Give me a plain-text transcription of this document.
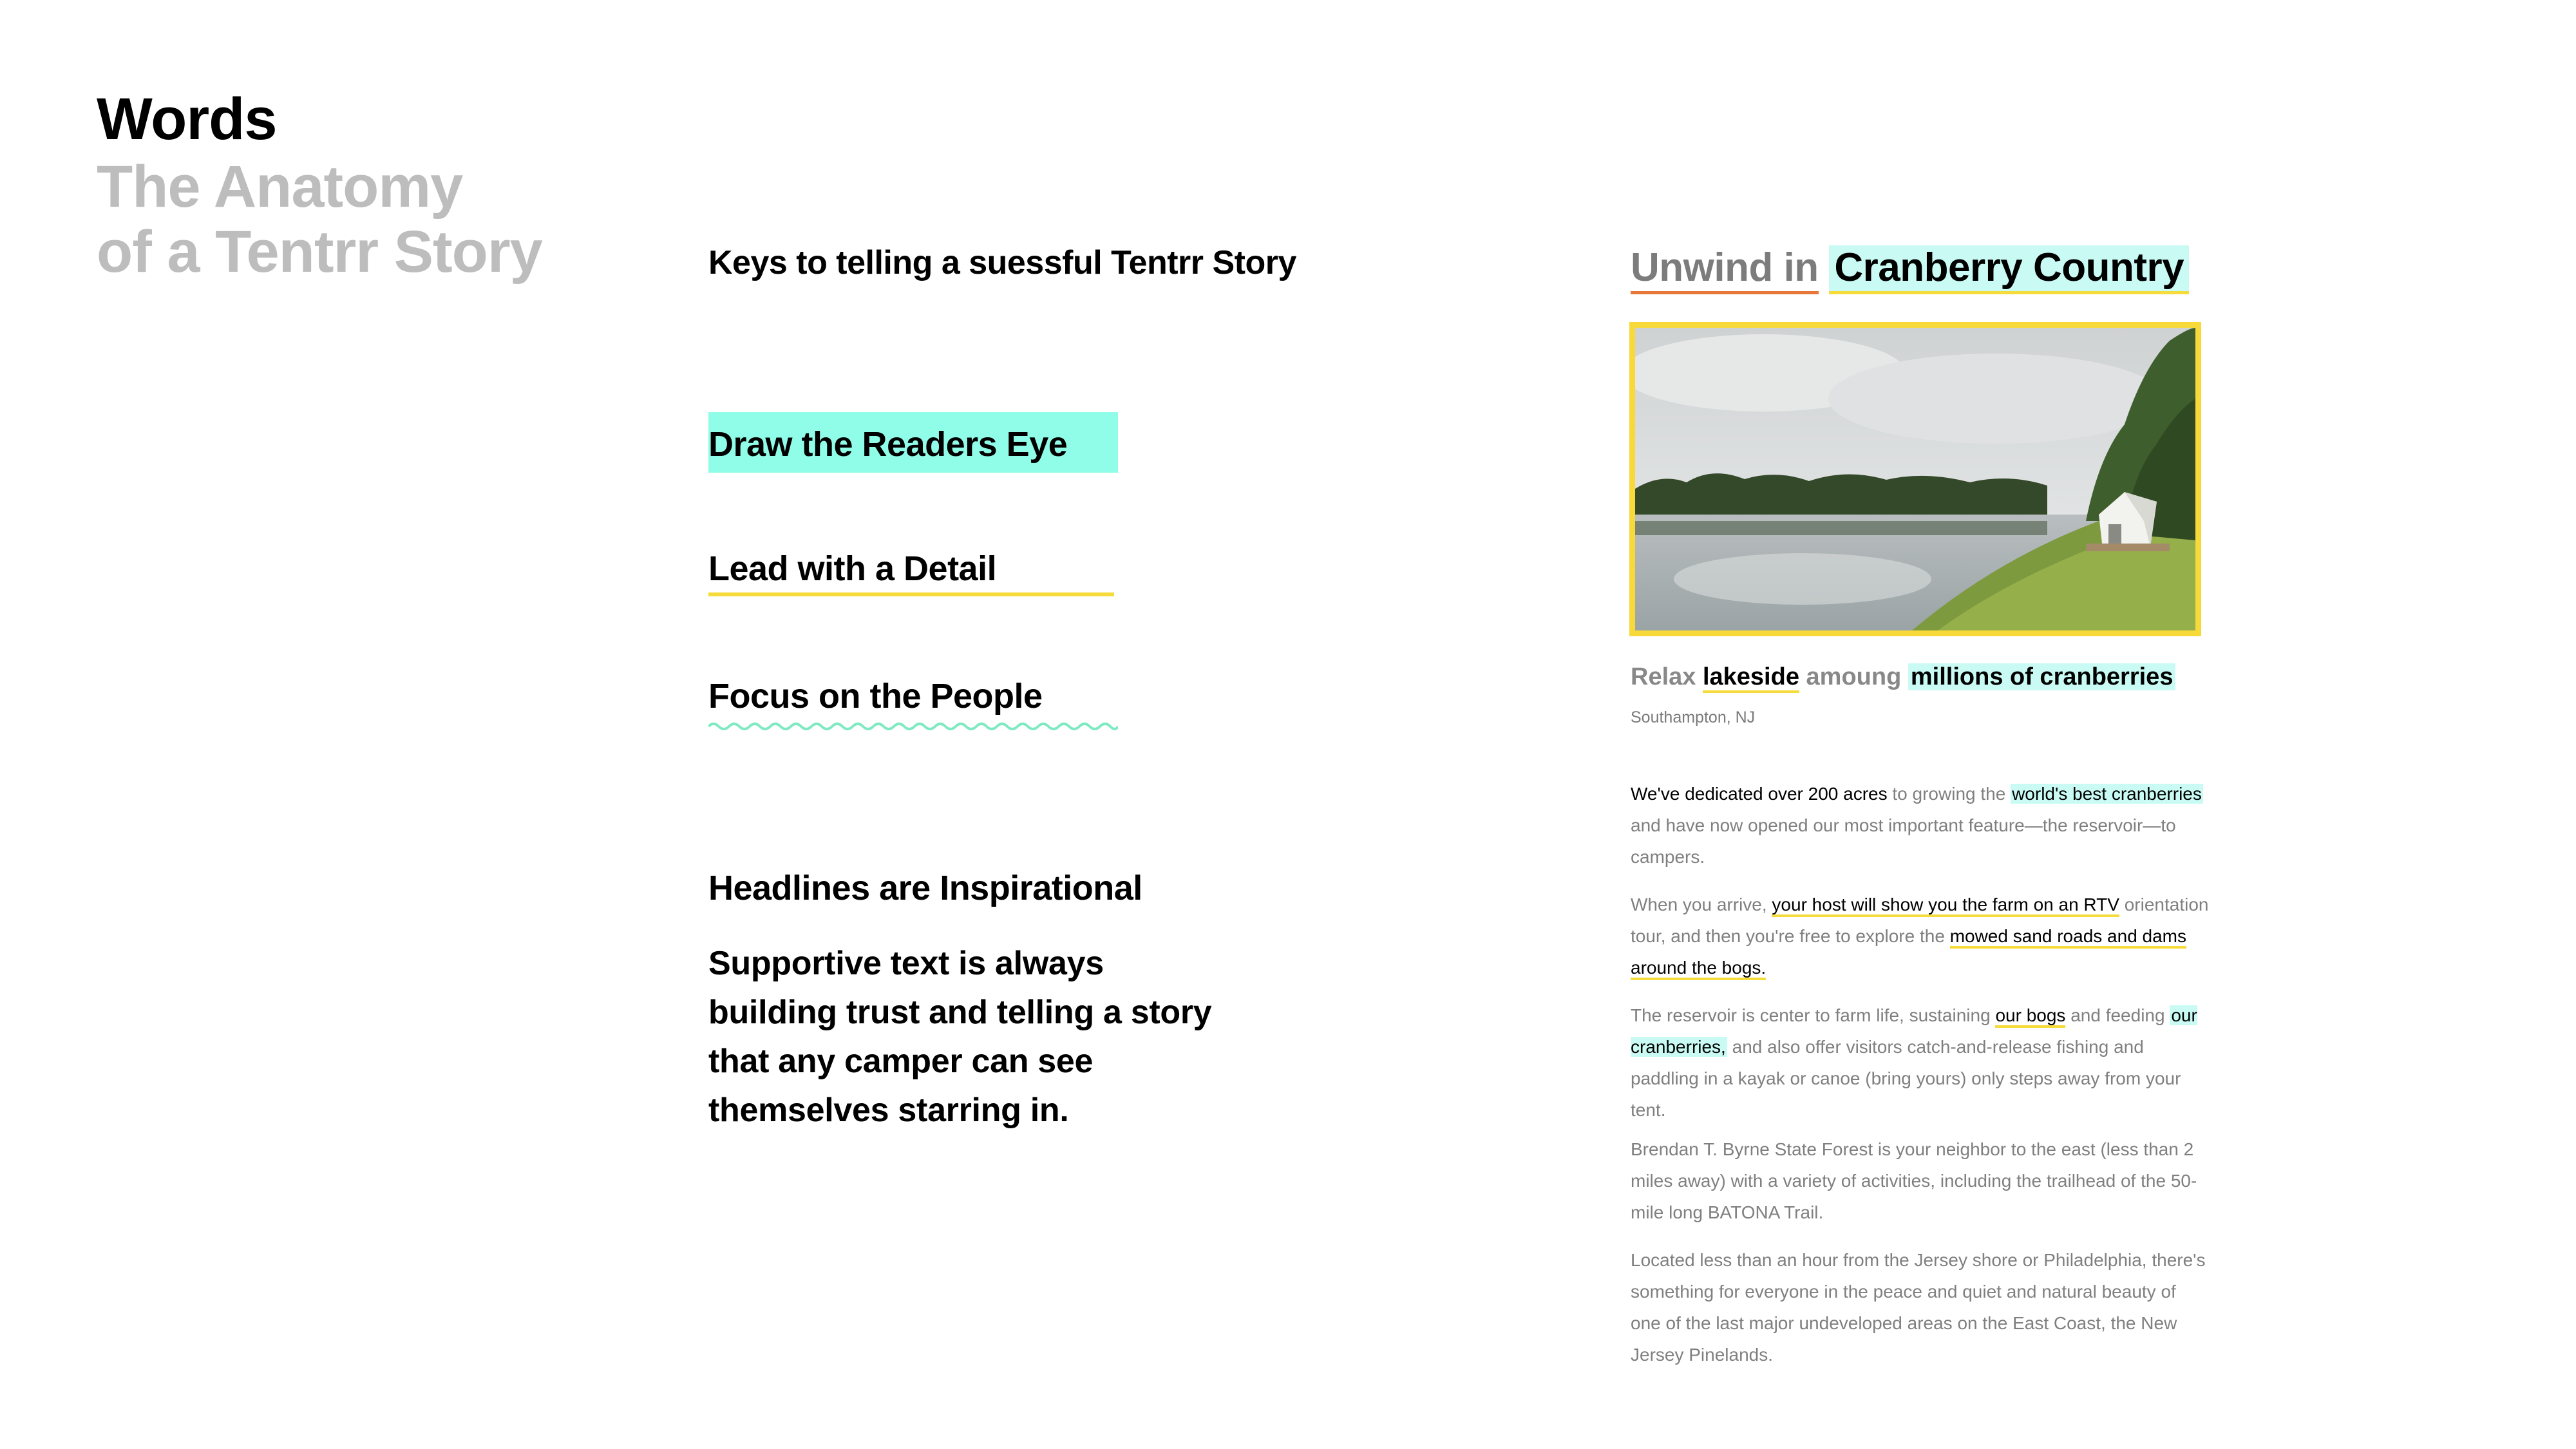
Words
The Anatomy
of a Tentrr Story	Keys to telling a suessful Tentrr Story
Draw the Readers Eye
Lead with a Detail
Focus on the People
Headlines are Inspirational
Supportive text is always building trust and telling a story that any camper can see themselves starring in.
Unwind in Cranberry Country
Relax lakeside amoung millions of cranberries
Southampton, NJ
We've dedicated over 200 acres to growing the world's best cranberries and have now opened our most important feature—the reservoir—to campers.
When you arrive, your host will show you the farm on an RTV orientation tour, and then you're free to explore the mowed sand roads and dams around the bogs.
The reservoir is center to farm life, sustaining our bogs and feeding our cranberries, and also offer visitors catch-and-release fishing and paddling in a kayak or canoe (bring yours) only steps away from your tent.
Brendan T. Byrne State Forest is your neighbor to the east (less than 2 miles away) with a variety of activities, including the trailhead of the 50-mile long BATONA Trail.
Located less than an hour from the Jersey shore or Philadelphia, there's something for everyone in the peace and quiet and natural beauty of one of the last major undeveloped areas on the East Coast, the New Jersey Pinelands.
